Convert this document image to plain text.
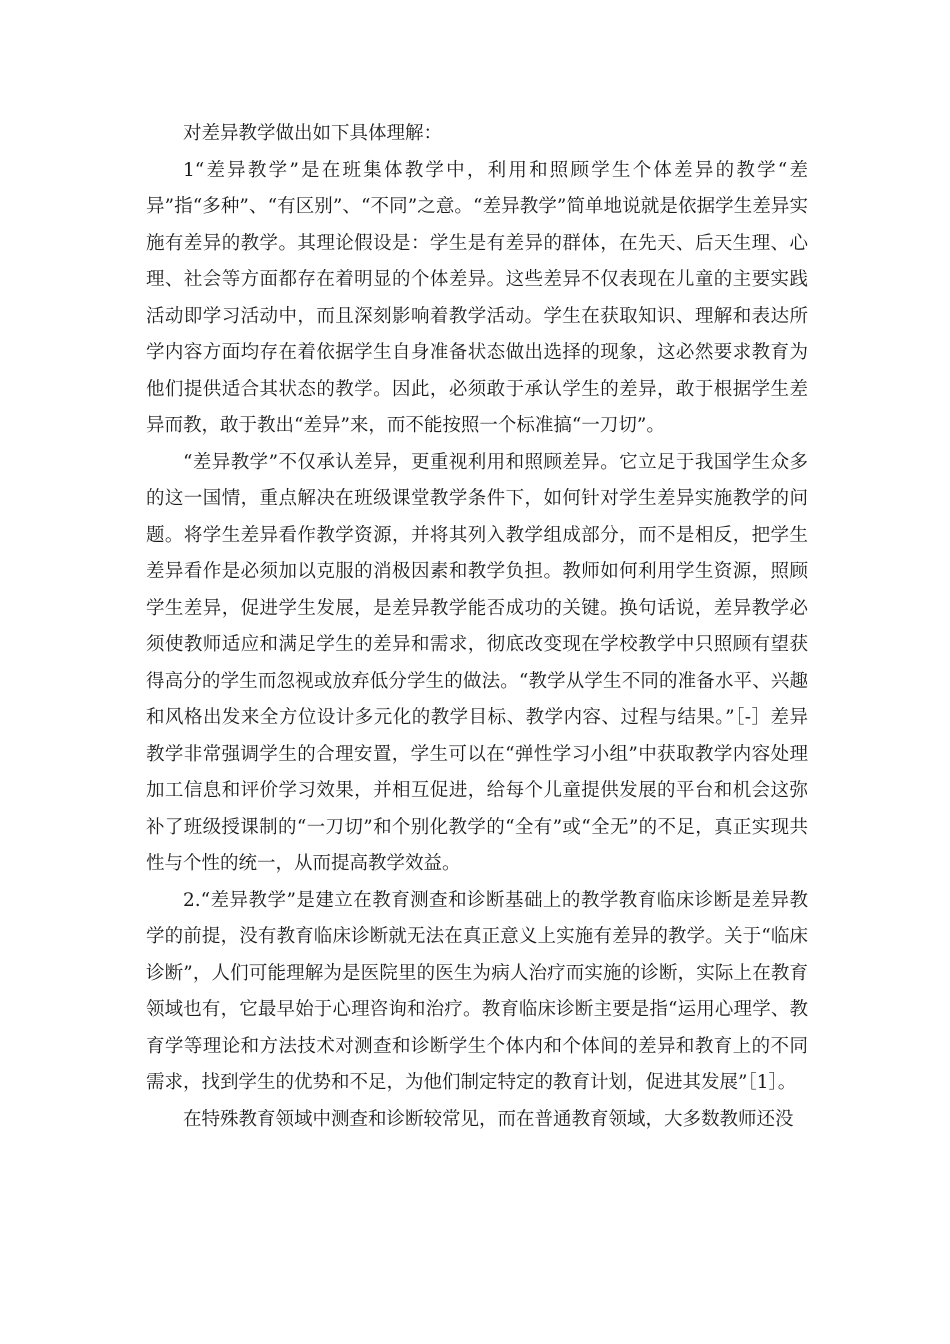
对差异教学做出如下具体理解：

1“差异教学”是在班集体教学中，利用和照顾学生个体差异的教学“差异”指“多种”、“有区别”、“不同”之意。“差异教学”简单地说就是依据学生差异实施有差异的教学。其理论假设是：学生是有差异的群体，在先天、后天生理、心理、社会等方面都存在着明显的个体差异。这些差异不仅表现在儿童的主要实践活动即学习活动中，而且深刻影响着教学活动。学生在获取知识、理解和表达所学内容方面均存在着依据学生自身准备状态做出选择的现象，这必然要求教育为他们提供适合其状态的教学。因此，必须敢于承认学生的差异，敢于根据学生差异而教，敢于教出“差异”来，而不能按照一个标准搞“一刀切”。

“差异教学”不仅承认差异，更重视利用和照顾差异。它立足于我国学生众多的这一国情，重点解决在班级课堂教学条件下，如何针对学生差异实施教学的问题。将学生差异看作教学资源，并将其列入教学组成部分，而不是相反，把学生差异看作是必须加以克服的消极因素和教学负担。教师如何利用学生资源，照顾学生差异，促进学生发展，是差异教学能否成功的关键。换句话说，差异教学必须使教师适应和满足学生的差异和需求，彻底改变现在学校教学中只照顾有望获得高分的学生而忽视或放弃低分学生的做法。“教学从学生不同的准备水平、兴趣和风格出发来全方位设计多元化的教学目标、教学内容、过程与结果。”［-］差异教学非常强调学生的合理安置，学生可以在“弹性学习小组”中获取教学内容处理加工信息和评价学习效果，并相互促进，给每个儿童提供发展的平台和机会这弥补了班级授课制的“一刀切”和个别化教学的“全有”或“全无”的不足，真正实现共性与个性的统一，从而提高教学效益。

2.“差异教学”是建立在教育测查和诊断基础上的教学教育临床诊断是差异教学的前提，没有教育临床诊断就无法在真正意义上实施有差异的教学。关于“临床诊断”，人们可能理解为是医院里的医生为病人治疗而实施的诊断，实际上在教育领域也有，它最早始于心理咨询和治疗。教育临床诊断主要是指“运用心理学、教育学等理论和方法技术对测查和诊断学生个体内和个体间的差异和教育上的不同需求，找到学生的优势和不足，为他们制定特定的教育计划，促进其发展”［1］。

在特殊教育领域中测查和诊断较常见，而在普通教育领域，大多数教师还没
